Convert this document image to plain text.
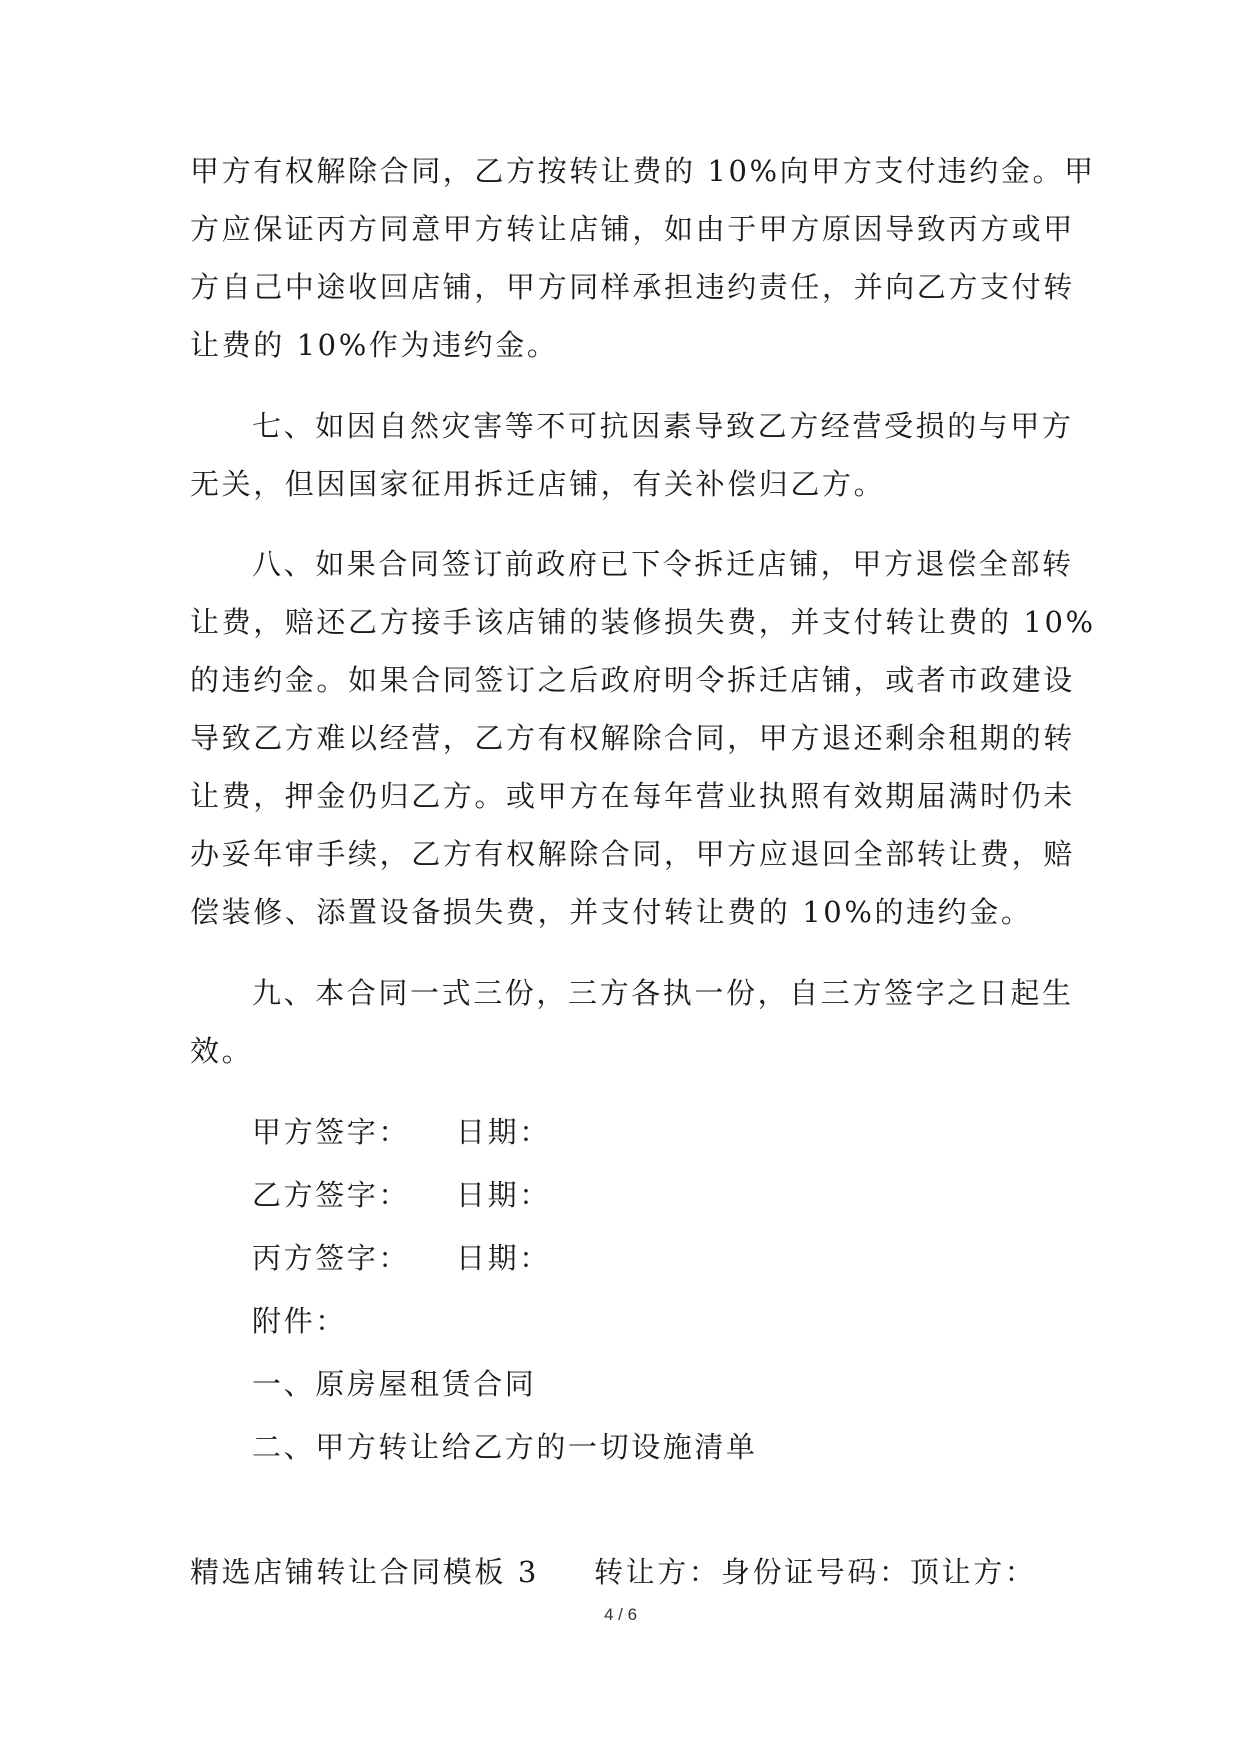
甲方有权解除合同，乙方按转让费的 10%向甲方支付违约金。甲
方应保证丙方同意甲方转让店铺，如由于甲方原因导致丙方或甲
方自己中途收回店铺，甲方同样承担违约责任，并向乙方支付转
让费的 10%作为违约金。
七、如因自然灾害等不可抗因素导致乙方经营受损的与甲方
无关，但因国家征用拆迁店铺，有关补偿归乙方。
八、如果合同签订前政府已下令拆迁店铺，甲方退偿全部转
让费，赔还乙方接手该店铺的装修损失费，并支付转让费的 10%
的违约金。如果合同签订之后政府明令拆迁店铺，或者市政建设
导致乙方难以经营，乙方有权解除合同，甲方退还剩余租期的转
让费，押金仍归乙方。或甲方在每年营业执照有效期届满时仍未
办妥年审手续，乙方有权解除合同，甲方应退回全部转让费，赔
偿装修、添置设备损失费，并支付转让费的 10%的违约金。
九、本合同一式三份，三方各执一份，自三方签字之日起生
效。
甲方签字： 日期：
乙方签字： 日期：
丙方签字： 日期：
附件：
一、原房屋租赁合同
二、甲方转让给乙方的一切设施清单
精选店铺转让合同模板 3 转让方： 身份证号码： 顶让方：
4 / 6
